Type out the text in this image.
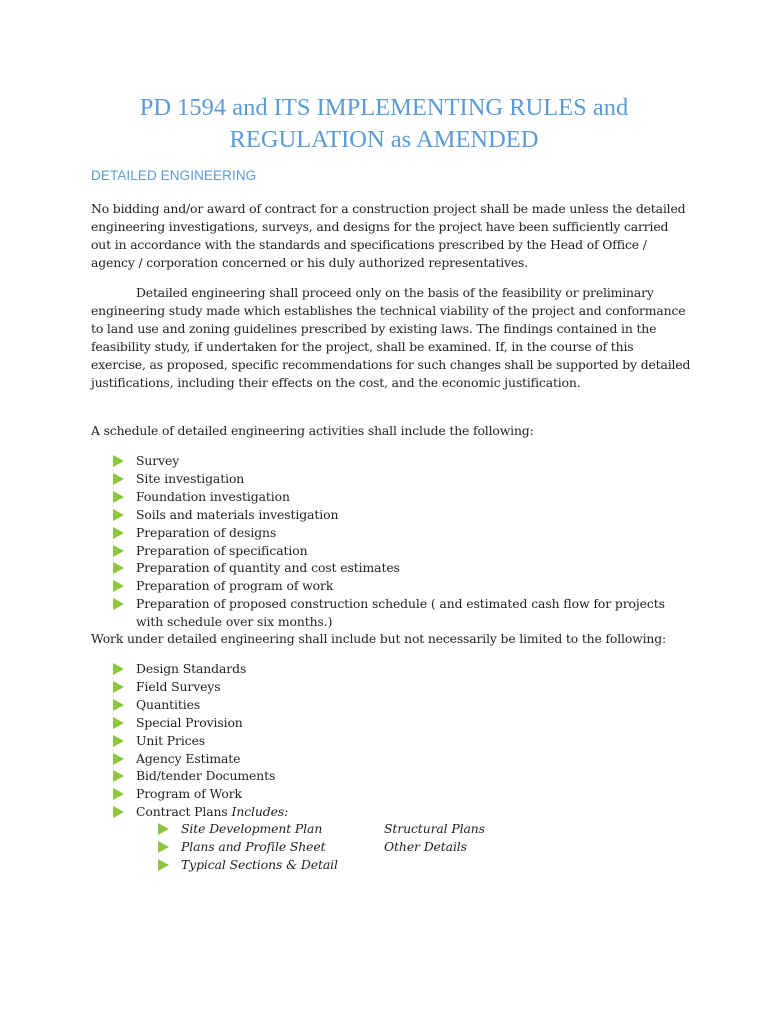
PD 1594 and ITS IMPLEMENTING RULES and
REGULATION as AMENDED
DETAILED ENGINEERING

No bidding and/or award of contract for a construction project shall be made unless the detailed engineering investigations, surveys, and designs for the project have been sufficiently carried out in accordance with the standards and specifications prescribed by the Head of Office / agency / corporation concerned or his duly authorized representatives.

Detailed engineering shall proceed only on the basis of the feasibility or preliminary engineering study made which establishes the technical viability of the project and conformance to land use and zoning guidelines prescribed by existing laws. The findings contained in the feasibility study, if undertaken for the project, shall be examined. If, in the course of this exercise, as proposed, specific recommendations for such changes shall be supported by detailed justifications, including their effects on the cost, and the economic justification.

A schedule of detailed engineering activities shall include the following:

Survey
Site investigation
Foundation investigation
Soils and materials investigation
Preparation of designs
Preparation of specification
Preparation of quantity and cost estimates
Preparation of program of work
Preparation of proposed construction schedule ( and estimated cash flow for projects with schedule over six months.)

Work under detailed engineering shall include but not necessarily be limited to the following:

Design Standards
Field Surveys
Quantities
Special Provision
Unit Prices
Agency Estimate
Bid/tender Documents
Program of Work
Contract Plans Includes:
Site Development Plan	Structural Plans
Plans and Profile Sheet	Other Details
Typical Sections & Detail
